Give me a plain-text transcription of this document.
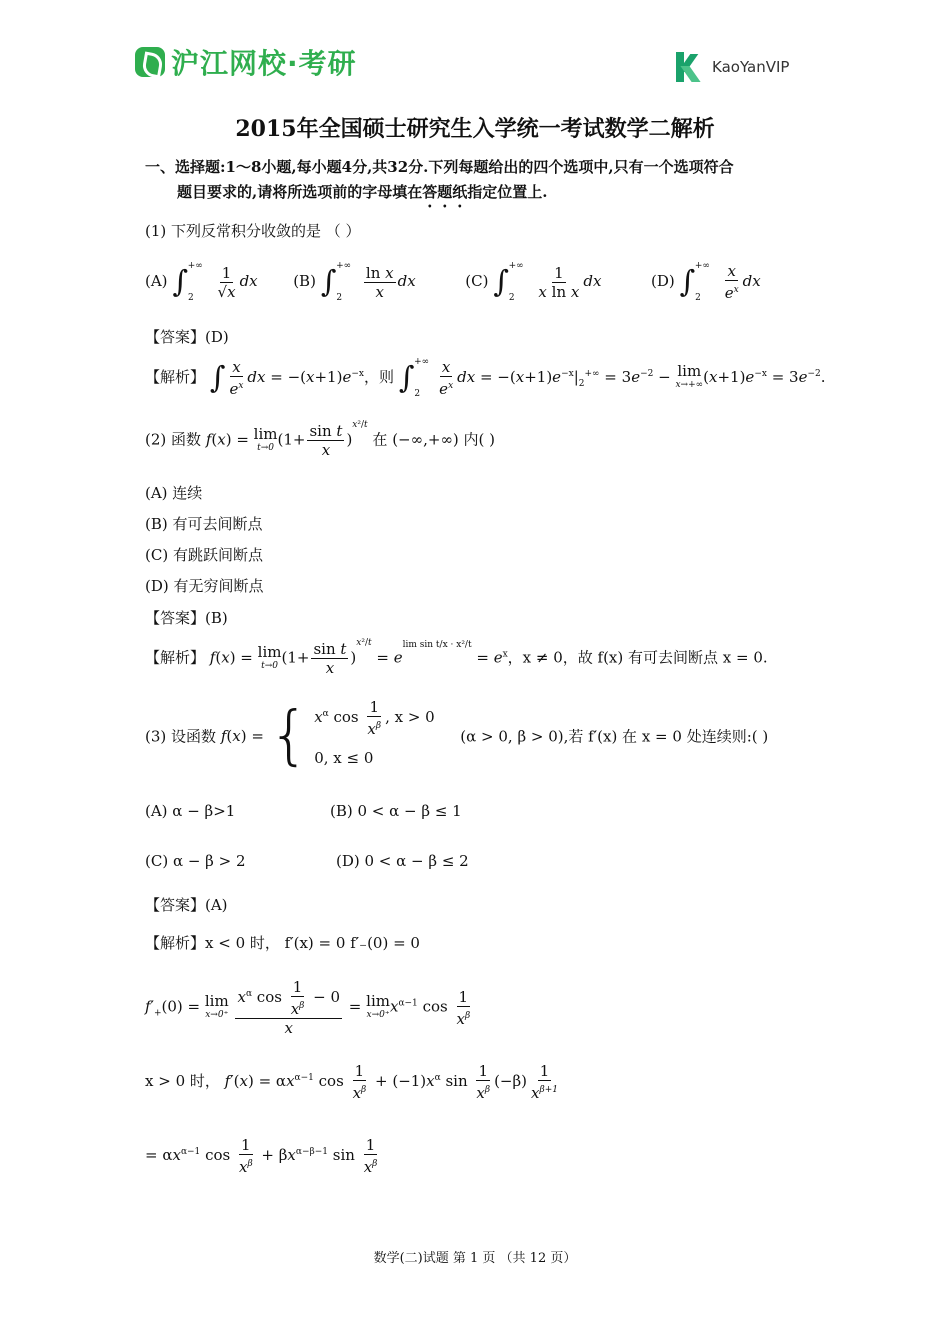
沪江网校·考研	KaoYanVIP
2015年全国硕士研究生入学统一考试数学二解析
一、选择题:1～8小题,每小题4分,共32分.下列每题给出的四个选项中,只有一个选项符合
题目要求的,请将所选项前的字母填在答题纸指定位置上.
(1) 下列反常积分收敛的是 （ ）
(A) $\int_2^{+\infty} \frac{1}{√x}$ dx (B) $\int_2^{+\infty} \frac{\text{ln x}}{x}$ dx	(C) $\int_2^{+\infty} \frac{1}{\text{x ln x}}$ dx	(D) $\int_2^{+\infty} \frac{x}{e^x}$ dx
【答案】(D)
【解析】 ∫ $\frac{x}{e^x}$ dx = $-(x+1)e^{-x}$，则 $\int_2^{+\infty} \frac{x}{e^x}$ dx = $-(x+1)e^{-x}|_2^{+\infty} = 3e^{-2} - \lim$
x→+∞ $(x+1)e^{-x} = 3e^{-2}$.
(2) 函数 f(x) = lim
t→0 $(1+ \frac{\text{sin t}}{x} )^{x^2/t}$ 在 (−∞,+∞) 内( )
(A) 连续
(B) 有可去间断点
(C) 有跳跃间断点
(D) 有无穷间断点
【答案】(B)
【解析】 f(x) = lim
t→0 $(1+ \frac{\text{sin t}}{x} )^{x^2/t} = e^{lim sin t/x \cdot x^2/t} = e^x$，x ≠ 0，故 f(x) 有可去间断点 x = 0.
(3) 设函数 f(x) = { $x^\alpha$ $\cos \frac{1}{x^\beta}$ , x > 0
0, x ≤ 0
(α > 0, β > 0),若 f′(x) 在 x = 0 处连续则:( )
(A) α − β>1	(B) 0 < α − β ≤ 1
(C) α − β > 2	(D) 0 < α − β ≤ 2
【答案】(A)
【解析】x < 0 时， f′(x) = 0 f′₋(0) = 0
$f'_+(0) = \lim$
x→0⁺
$\frac{x^\alpha \cos \frac{1}{x^\beta} - 0}{x} = \lim$
x→0⁺ $x^{\alpha-1}$ $\cos \frac{1}{x^\beta}$
x > 0 时， $f'(x) = \alpha x^{\alpha-1}$ $\cos \frac{1}{x^\beta} + (-1)x^\alpha$ $\sin \frac{1}{x^\beta} (-\beta) \frac{1}{x^{\beta+1}}$
= $\alpha x^{\alpha-1}$ $\cos \frac{1}{x^\beta} + \beta x^{\alpha-\beta-1}$ $\sin \frac{1}{x^\beta}$
数学(二)试题 第 1 页 （共 12 页）
